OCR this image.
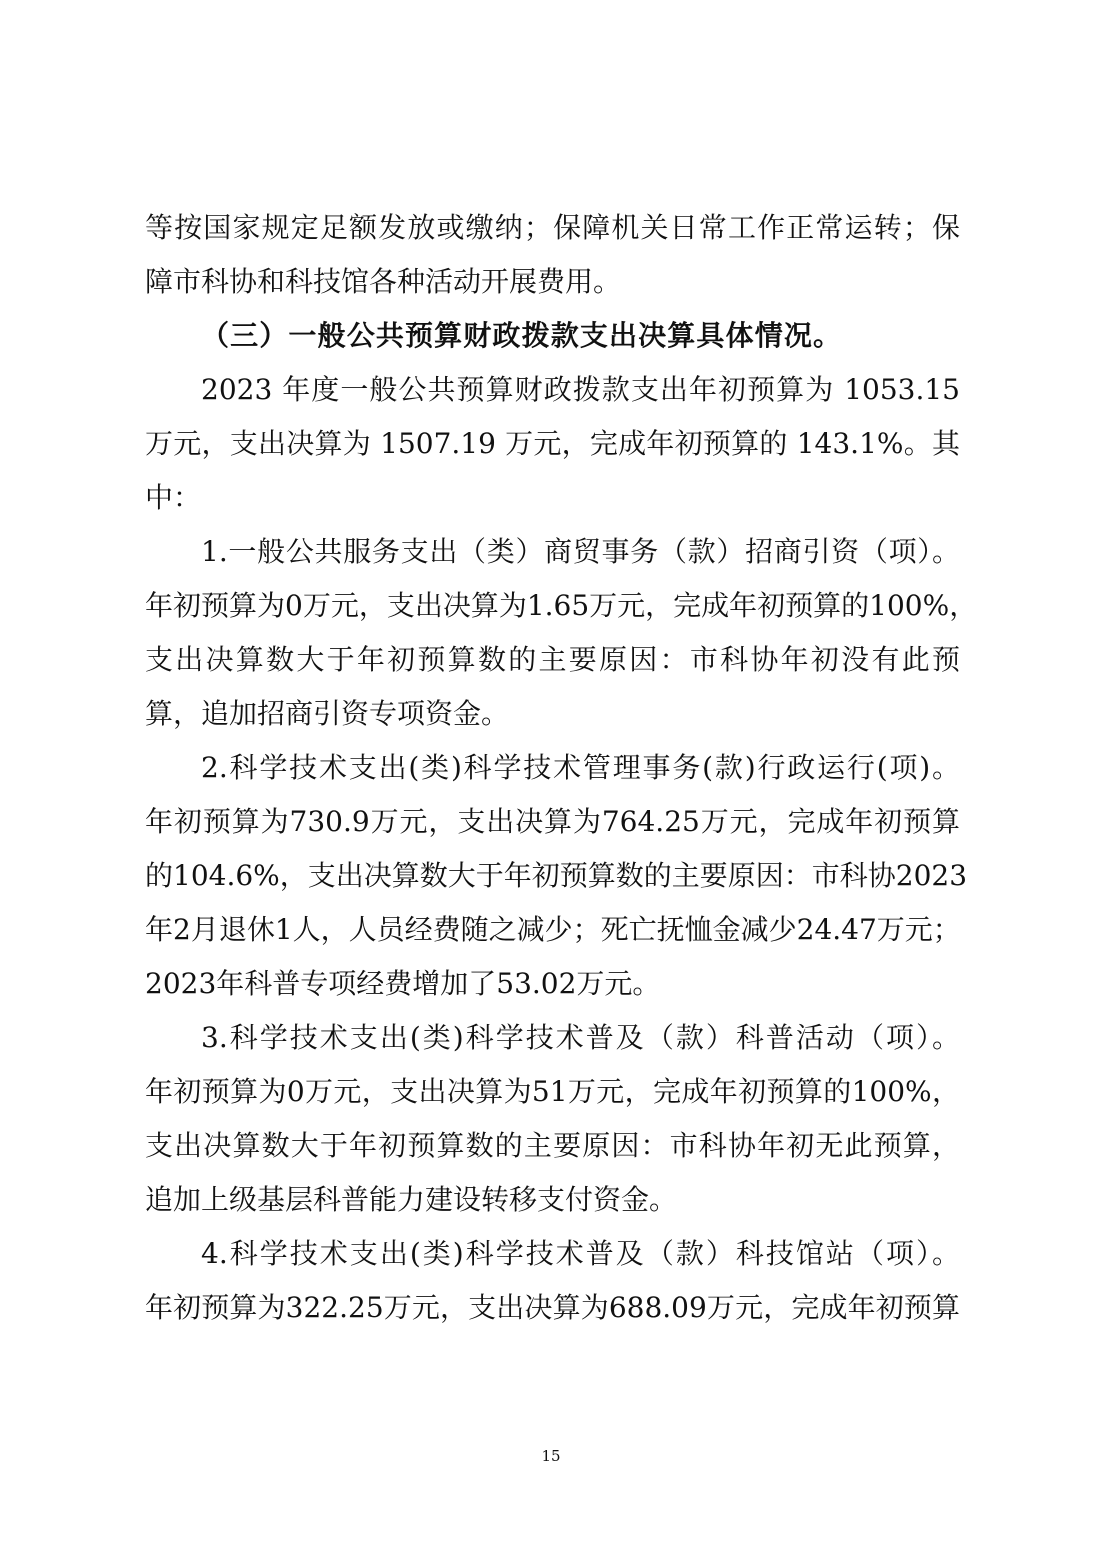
等按国家规定足额发放或缴纳；保障机关日常工作正常运转；保
障市科协和科技馆各种活动开展费用。
（三）一般公共预算财政拨款支出决算具体情况。
2023 年度一般公共预算财政拨款支出年初预算为 1053.15
万元，支出决算为 1507.19 万元，完成年初预算的 143.1%。其
中：
1.一般公共服务支出（类）商贸事务（款）招商引资（项）。
年初预算为0万元，支出决算为1.65万元，完成年初预算的100%，
支出决算数大于年初预算数的主要原因：市科协年初没有此预
算，追加招商引资专项资金。
2.科学技术支出(类)科学技术管理事务(款)行政运行(项)。
年初预算为730.9万元，支出决算为764.25万元，完成年初预算
的104.6%，支出决算数大于年初预算数的主要原因：市科协2023
年2月退休1人，人员经费随之减少；死亡抚恤金减少24.47万元；
2023年科普专项经费增加了53.02万元。
3.科学技术支出(类)科学技术普及（款）科普活动（项）。
年初预算为0万元，支出决算为51万元，完成年初预算的100%，
支出决算数大于年初预算数的主要原因：市科协年初无此预算，
追加上级基层科普能力建设转移支付资金。
4.科学技术支出(类)科学技术普及（款）科技馆站（项）。
年初预算为322.25万元，支出决算为688.09万元，完成年初预算
15
